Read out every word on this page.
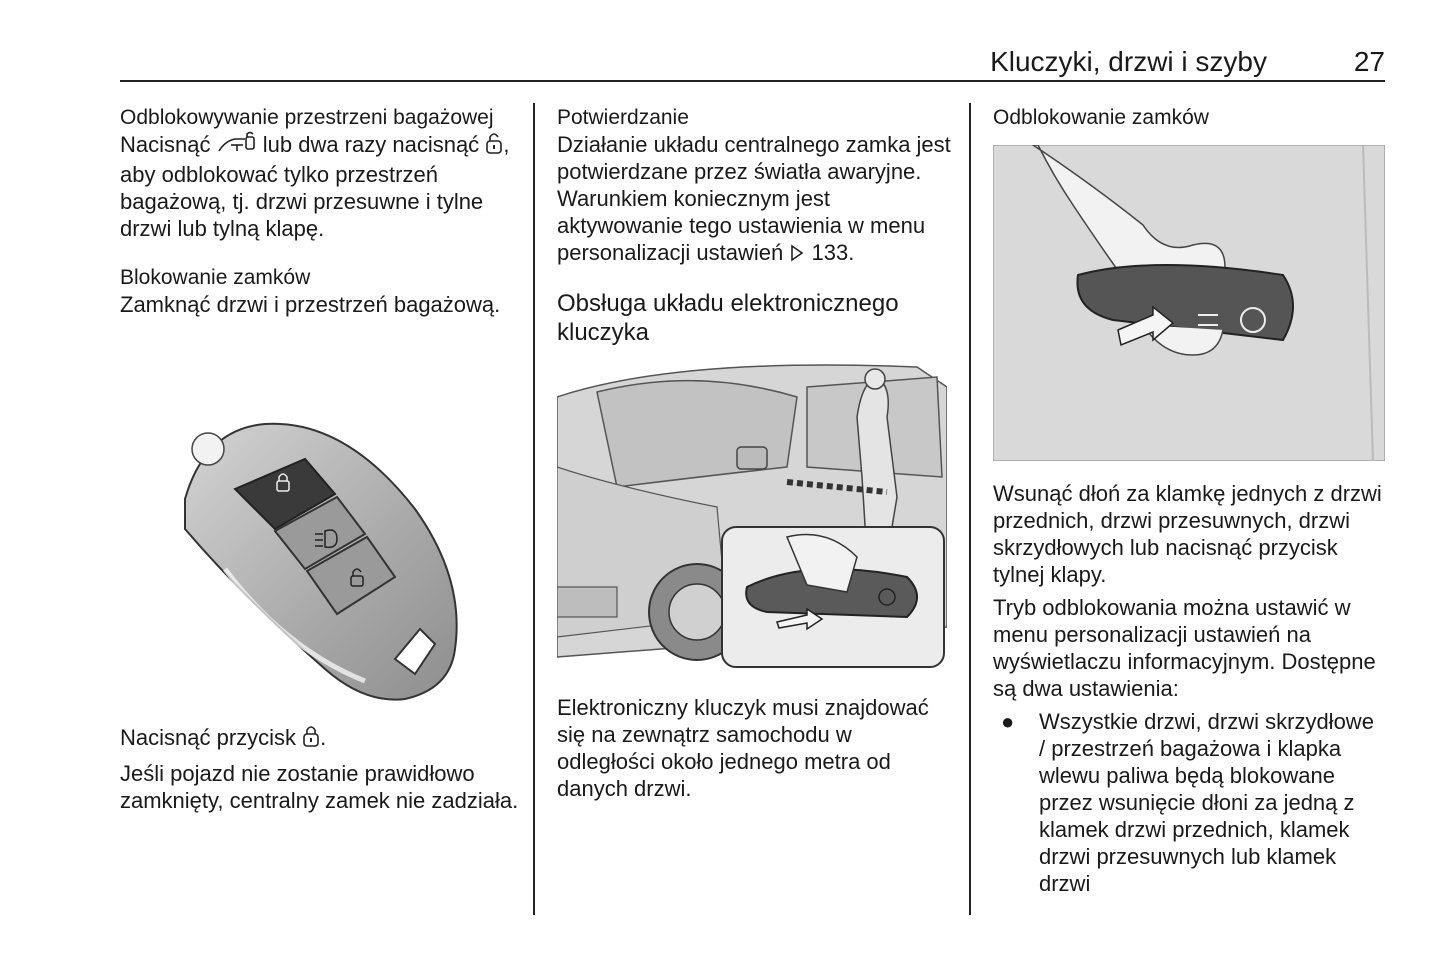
Kluczyki, drzwi i szyby	27

Odblokowywanie przestrzeni bagażowej

Nacisnąć lub dwa razy nacisnąć , aby odblokować tylko przestrzeń bagażową, tj. drzwi przesuwne i tylne drzwi lub tylną klapę.

Blokowanie zamków

Zamknąć drzwi i przestrzeń bagażową.

Nacisnąć przycisk .

Jeśli pojazd nie zostanie prawidłowo zamknięty, centralny zamek nie zadziała.

Potwierdzanie

Działanie układu centralnego zamka jest potwierdzane przez światła awaryjne. Warunkiem koniecznym jest aktywowanie tego ustawienia w menu personalizacji ustawień 133.

Obsługa układu elektronicznego kluczyka

Elektroniczny kluczyk musi znajdować się na zewnątrz samochodu w odległości około jednego metra od danych drzwi.

Odblokowanie zamków

Wsunąć dłoń za klamkę jednych z drzwi przednich, drzwi przesuwnych, drzwi skrzydłowych lub nacisnąć przycisk tylnej klapy.

Tryb odblokowania można ustawić w menu personalizacji ustawień na wyświetlaczu informacyjnym. Dostępne są dwa ustawienia:

● Wszystkie drzwi, drzwi skrzydłowe / przestrzeń bagażowa i klapka wlewu paliwa będą blokowane przez wsunięcie dłoni za jedną z klamek drzwi przednich, klamek drzwi przesuwnych lub klamek drzwi
